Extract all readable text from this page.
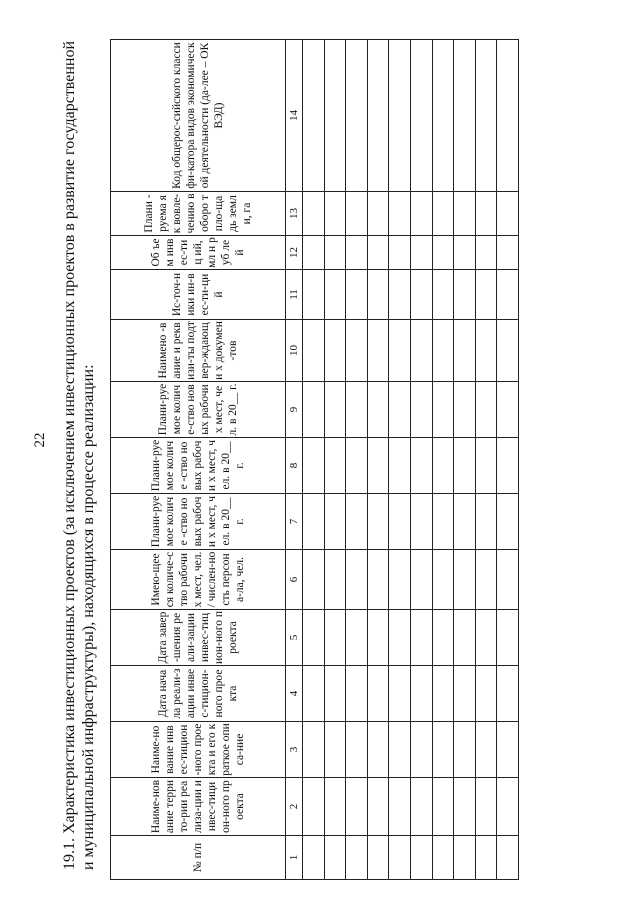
22 19.1. Характеристика инвестиционных проектов (за исключением инвестиционных проектов в развитие государственной и муниципальной инфраструктуры), находящихся в процессе реализации:	№ п/п	Наиме-нование террито-рии реализа-ции инвес-тицион-ного проекта	Наиме-нование инвес-тицион-ного проекта и его краткое описа-ние	Дата начала реали-зации инвес-тицион-ного проекта	Дата завер-шения реали-зации инвес-тицион-ного проекта	Имею-щееся количе-ство рабочих мест, чел. / числен-ность персона-ла, чел.	Плани-руемое количе -ство новых рабочи х мест, чел. в 20__ г.	Плани-руемое количе -ство новых рабочи х мест, чел. в 20__ г.	Плани-руемое количе-ство новых рабочих мест, чел. в 20__ г.	Наимено -вание и реквизи-ты подтвер-ждающи х докумен -тов	Ис-точ-ники ин-вес-ти-ций	Об ъем инв ес-тиц ий, мл н руб лей	Плани - руема я к вовле-чению в оборо т пло-щадь земли, га	Код общерос-сийского классифи-катора видов экономической деятельности (да-лее – ОКВЭД)
1	2	3	4	5	6	7	8	9	10	11	12	13	14
